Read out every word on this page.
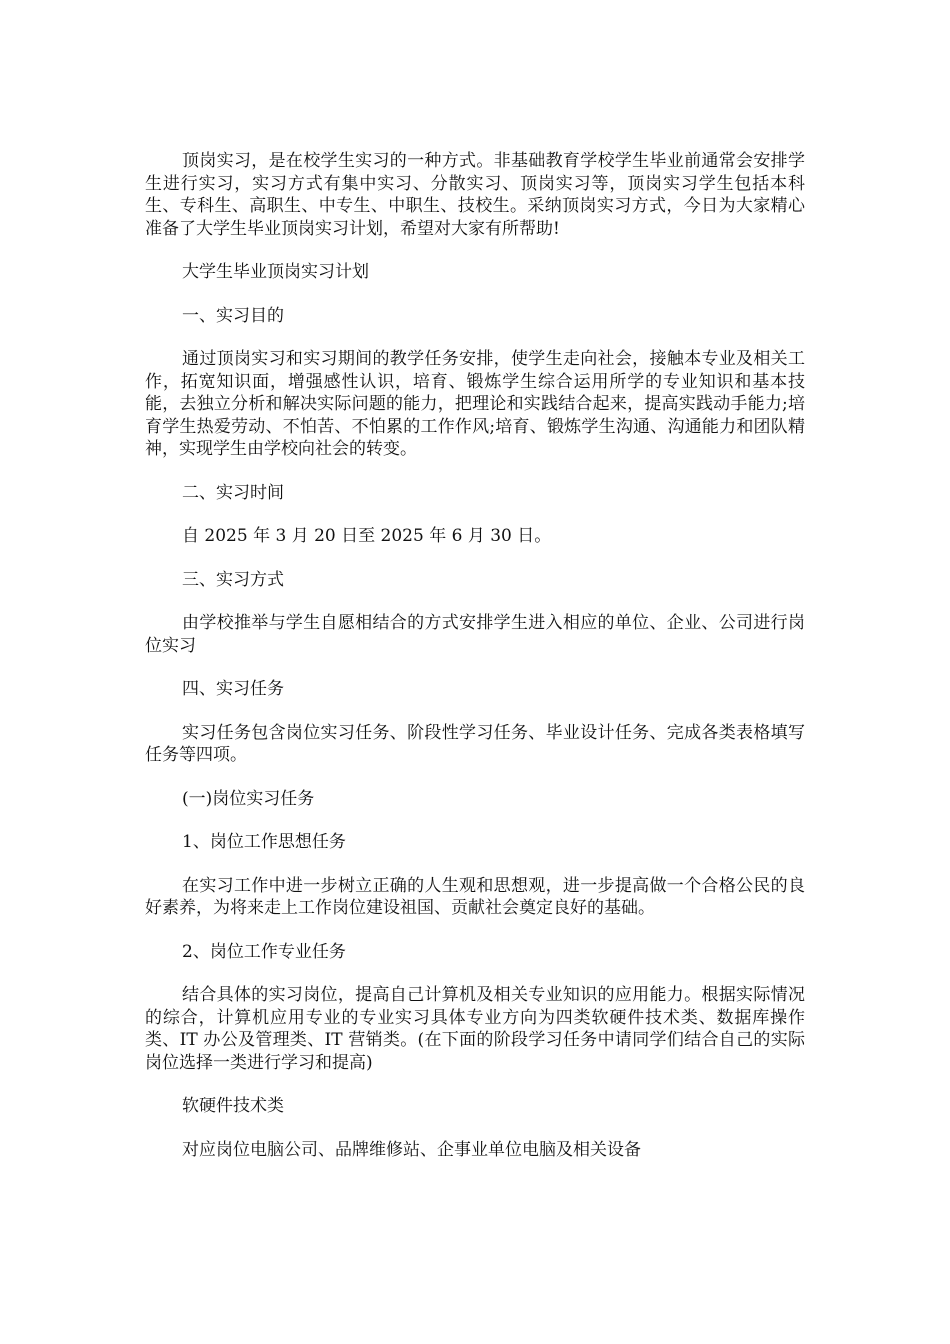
顶岗实习，是在校学生实习的一种方式。非基础教育学校学生毕业前通常会安排学生进行实习，实习方式有集中实习、分散实习、顶岗实习等，顶岗实习学生包括本科生、专科生、高职生、中专生、中职生、技校生。采纳顶岗实习方式，今日为大家精心准备了大学生毕业顶岗实习计划，希望对大家有所帮助!

大学生毕业顶岗实习计划

一、实习目的

通过顶岗实习和实习期间的教学任务安排，使学生走向社会，接触本专业及相关工作，拓宽知识面，增强感性认识，培育、锻炼学生综合运用所学的专业知识和基本技能，去独立分析和解决实际问题的能力，把理论和实践结合起来，提高实践动手能力;培育学生热爱劳动、不怕苦、不怕累的工作作风;培育、锻炼学生沟通、沟通能力和团队精神，实现学生由学校向社会的转变。

二、实习时间

自 2025 年 3 月 20 日至 2025 年 6 月 30 日。

三、实习方式

由学校推举与学生自愿相结合的方式安排学生进入相应的单位、企业、公司进行岗位实习

四、实习任务

实习任务包含岗位实习任务、阶段性学习任务、毕业设计任务、完成各类表格填写任务等四项。

(一)岗位实习任务

1、岗位工作思想任务

在实习工作中进一步树立正确的人生观和思想观，进一步提高做一个合格公民的良好素养，为将来走上工作岗位建设祖国、贡献社会奠定良好的基础。

2、岗位工作专业任务

结合具体的实习岗位，提高自己计算机及相关专业知识的应用能力。根据实际情况的综合，计算机应用专业的专业实习具体专业方向为四类软硬件技术类、数据库操作类、IT 办公及管理类、IT 营销类。(在下面的阶段学习任务中请同学们结合自己的实际岗位选择一类进行学习和提高)

软硬件技术类

对应岗位电脑公司、品牌维修站、企事业单位电脑及相关设备
